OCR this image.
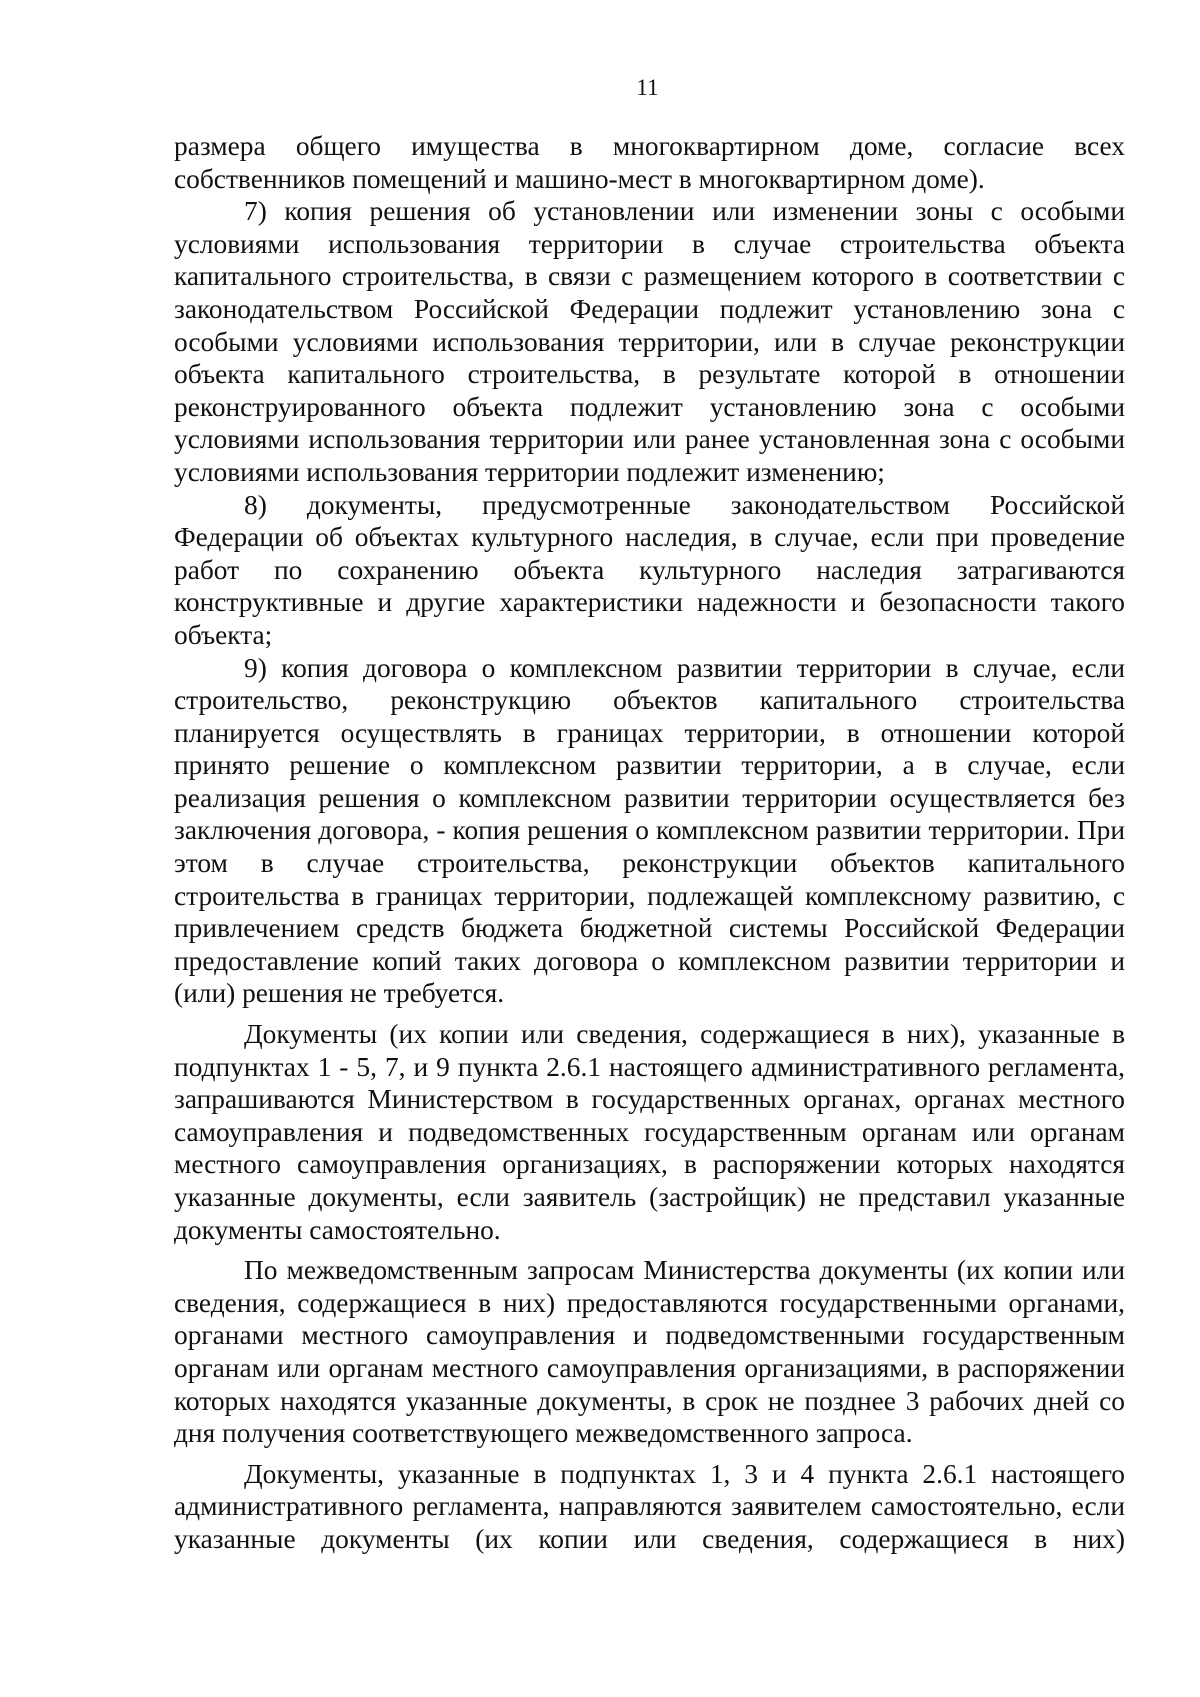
11

размера общего имущества в многоквартирном доме, согласие всех собственников помещений и машино-мест в многоквартирном доме).

7) копия решения об установлении или изменении зоны с особыми условиями использования территории в случае строительства объекта капитального строительства, в связи с размещением которого в соответствии с законодательством Российской Федерации подлежит установлению зона с особыми условиями использования территории, или в случае реконструкции объекта капитального строительства, в результате которой в отношении реконструированного объекта подлежит установлению зона с особыми условиями использования территории или ранее установленная зона с особыми условиями использования территории подлежит изменению;

8) документы, предусмотренные законодательством Российской Федерации об объектах культурного наследия, в случае, если при проведение работ по сохранению объекта культурного наследия затрагиваются конструктивные и другие характеристики надежности и безопасности такого объекта;

9) копия договора о комплексном развитии территории в случае, если строительство, реконструкцию объектов капитального строительства планируется осуществлять в границах территории, в отношении которой принято решение о комплексном развитии территории, а в случае, если реализация решения о комплексном развитии территории осуществляется без заключения договора, - копия решения о комплексном развитии территории. При этом в случае строительства, реконструкции объектов капитального строительства в границах территории, подлежащей комплексному развитию, с привлечением средств бюджета бюджетной системы Российской Федерации предоставление копий таких договора о комплексном развитии территории и (или) решения не требуется.

Документы (их копии или сведения, содержащиеся в них), указанные в подпунктах 1 - 5, 7, и 9 пункта 2.6.1 настоящего административного регламента, запрашиваются Министерством в государственных органах, органах местного самоуправления и подведомственных государственным органам или органам местного самоуправления организациях, в распоряжении которых находятся указанные документы, если заявитель (застройщик) не представил указанные документы самостоятельно.

По межведомственным запросам Министерства документы (их копии или сведения, содержащиеся в них) предоставляются государственными органами, органами местного самоуправления и подведомственными государственным органам или органам местного самоуправления организациями, в распоряжении которых находятся указанные документы, в срок не позднее 3 рабочих дней со дня получения соответствующего межведомственного запроса.

Документы, указанные в подпунктах 1, 3 и 4 пункта 2.6.1 настоящего административного регламента, направляются заявителем самостоятельно, если указанные документы (их копии или сведения, содержащиеся в них)
